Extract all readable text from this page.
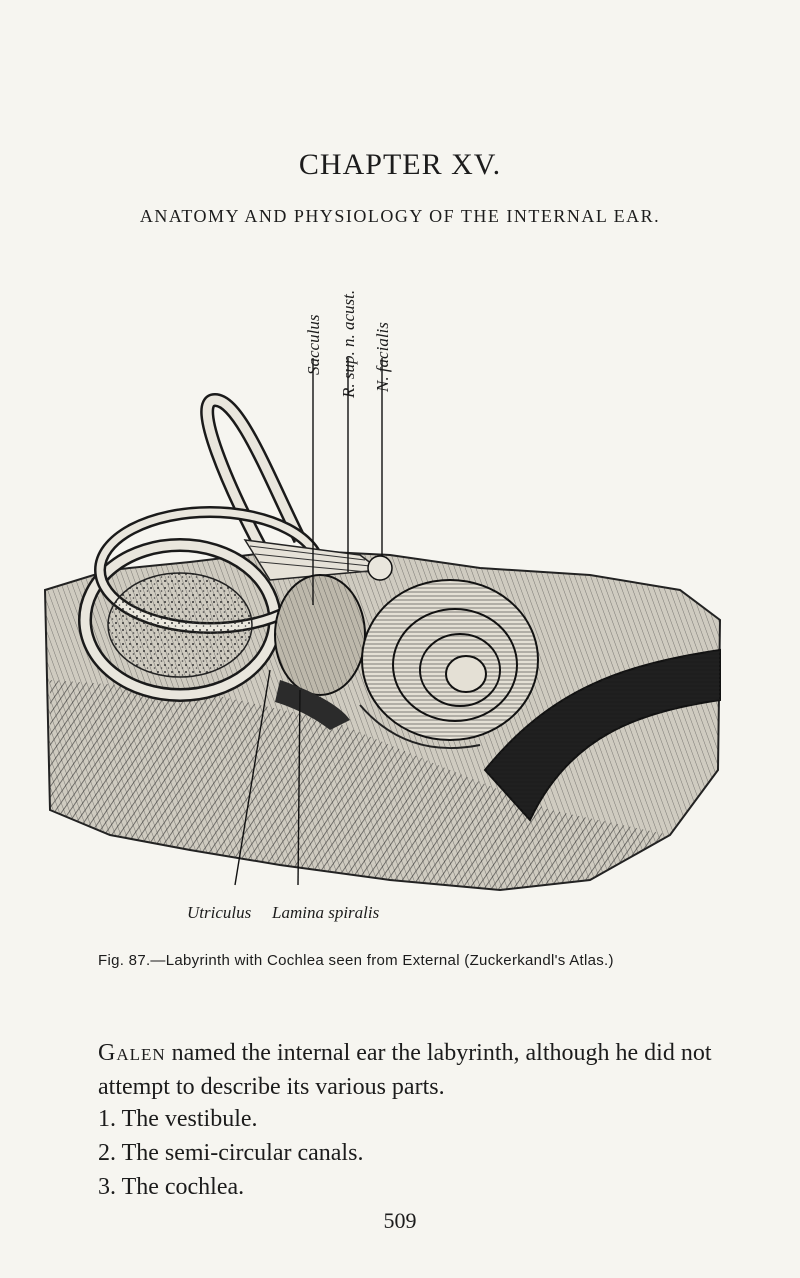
CHAPTER XV.
ANATOMY AND PHYSIOLOGY OF THE INTERNAL EAR.
Sacculus R. sup. n. acust. N. facialis
Utriculus Lamina spiralis
Fig. 87.—Labyrinth with Cochlea seen from External (Zuckerkandl's Atlas.)
Galen named the internal ear the labyrinth, although he did not attempt to describe its various parts.
1. The vestibule.
2. The semi-circular canals.
3. The cochlea.
509
